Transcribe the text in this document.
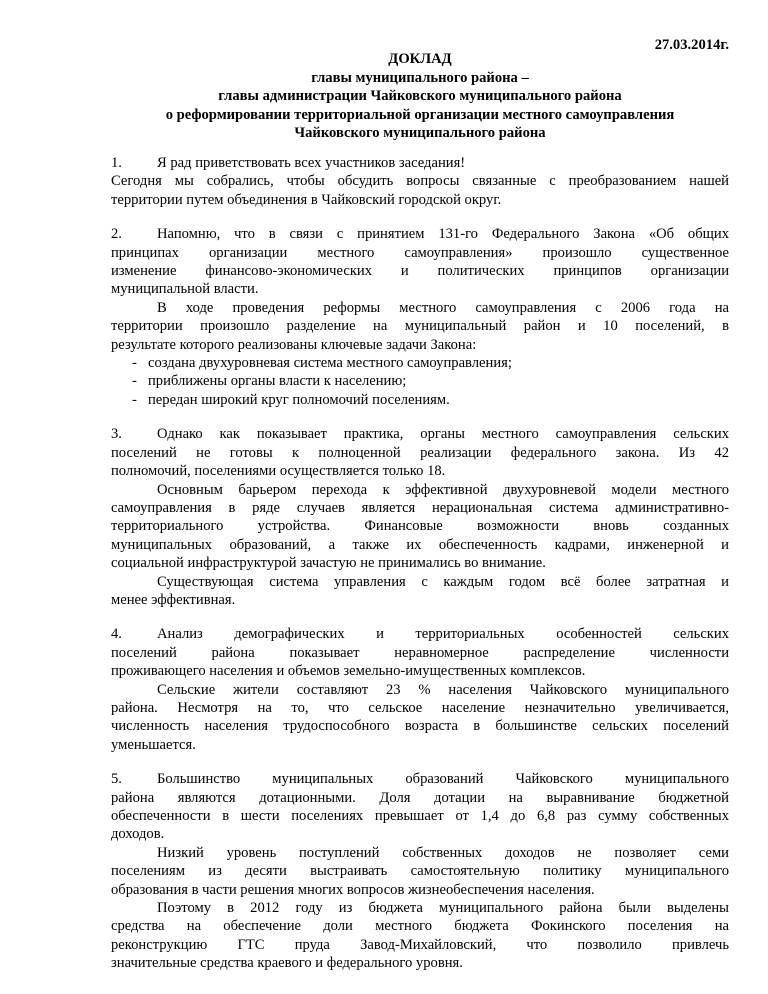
27.03.2014г.
ДОКЛАД
главы муниципального района –
главы администрации Чайковского муниципального района
о реформировании территориальной организации местного самоуправления
Чайковского муниципального района
1. Я рад приветствовать всех участников заседания!
Сегодня мы собрались, чтобы обсудить вопросы связанные с преобразованием нашей
территории путем объединения в Чайковский городской округ.
2. Напомню, что в связи с принятием 131-го Федерального Закона «Об общих
принципах организации местного самоуправления» произошло существенное
изменение финансово-экономических и политических принципов организации
муниципальной власти.
В ходе проведения реформы местного самоуправления с 2006 года на
территории произошло разделение на муниципальный район и 10 поселений, в
результате которого реализованы ключевые задачи Закона:
- создана двухуровневая система местного самоуправления;
- приближены органы власти к населению;
- передан широкий круг полномочий поселениям.
3. Однако как показывает практика, органы местного самоуправления сельских
поселений не готовы к полноценной реализации федерального закона. Из 42
полномочий, поселениями осуществляется только 18.
Основным барьером перехода к эффективной двухуровневой модели местного
самоуправления в ряде случаев является нерациональная система административно-
территориального устройства. Финансовые возможности вновь созданных
муниципальных образований, а также их обеспеченность кадрами, инженерной и
социальной инфраструктурой зачастую не принимались во внимание.
Существующая система управления с каждым годом всё более затратная и
менее эффективная.
4. Анализ демографических и территориальных особенностей сельских
поселений района показывает неравномерное распределение численности
проживающего населения и объемов земельно-имущественных комплексов.
Сельские жители составляют 23 % населения Чайковского муниципального
района. Несмотря на то, что сельское население незначительно увеличивается,
численность населения трудоспособного возраста в большинстве сельских поселений
уменьшается.
5. Большинство муниципальных образований Чайковского муниципального
района являются дотационными. Доля дотации на выравнивание бюджетной
обеспеченности в шести поселениях превышает от 1,4 до 6,8 раз сумму собственных
доходов.
Низкий уровень поступлений собственных доходов не позволяет семи
поселениям из десяти выстраивать самостоятельную политику муниципального
образования в части решения многих вопросов жизнеобеспечения населения.
Поэтому в 2012 году из бюджета муниципального района были выделены
средства на обеспечение доли местного бюджета Фокинского поселения на
реконструкцию ГТС пруда Завод-Михайловский, что позволило привлечь
значительные средства краевого и федерального уровня.
